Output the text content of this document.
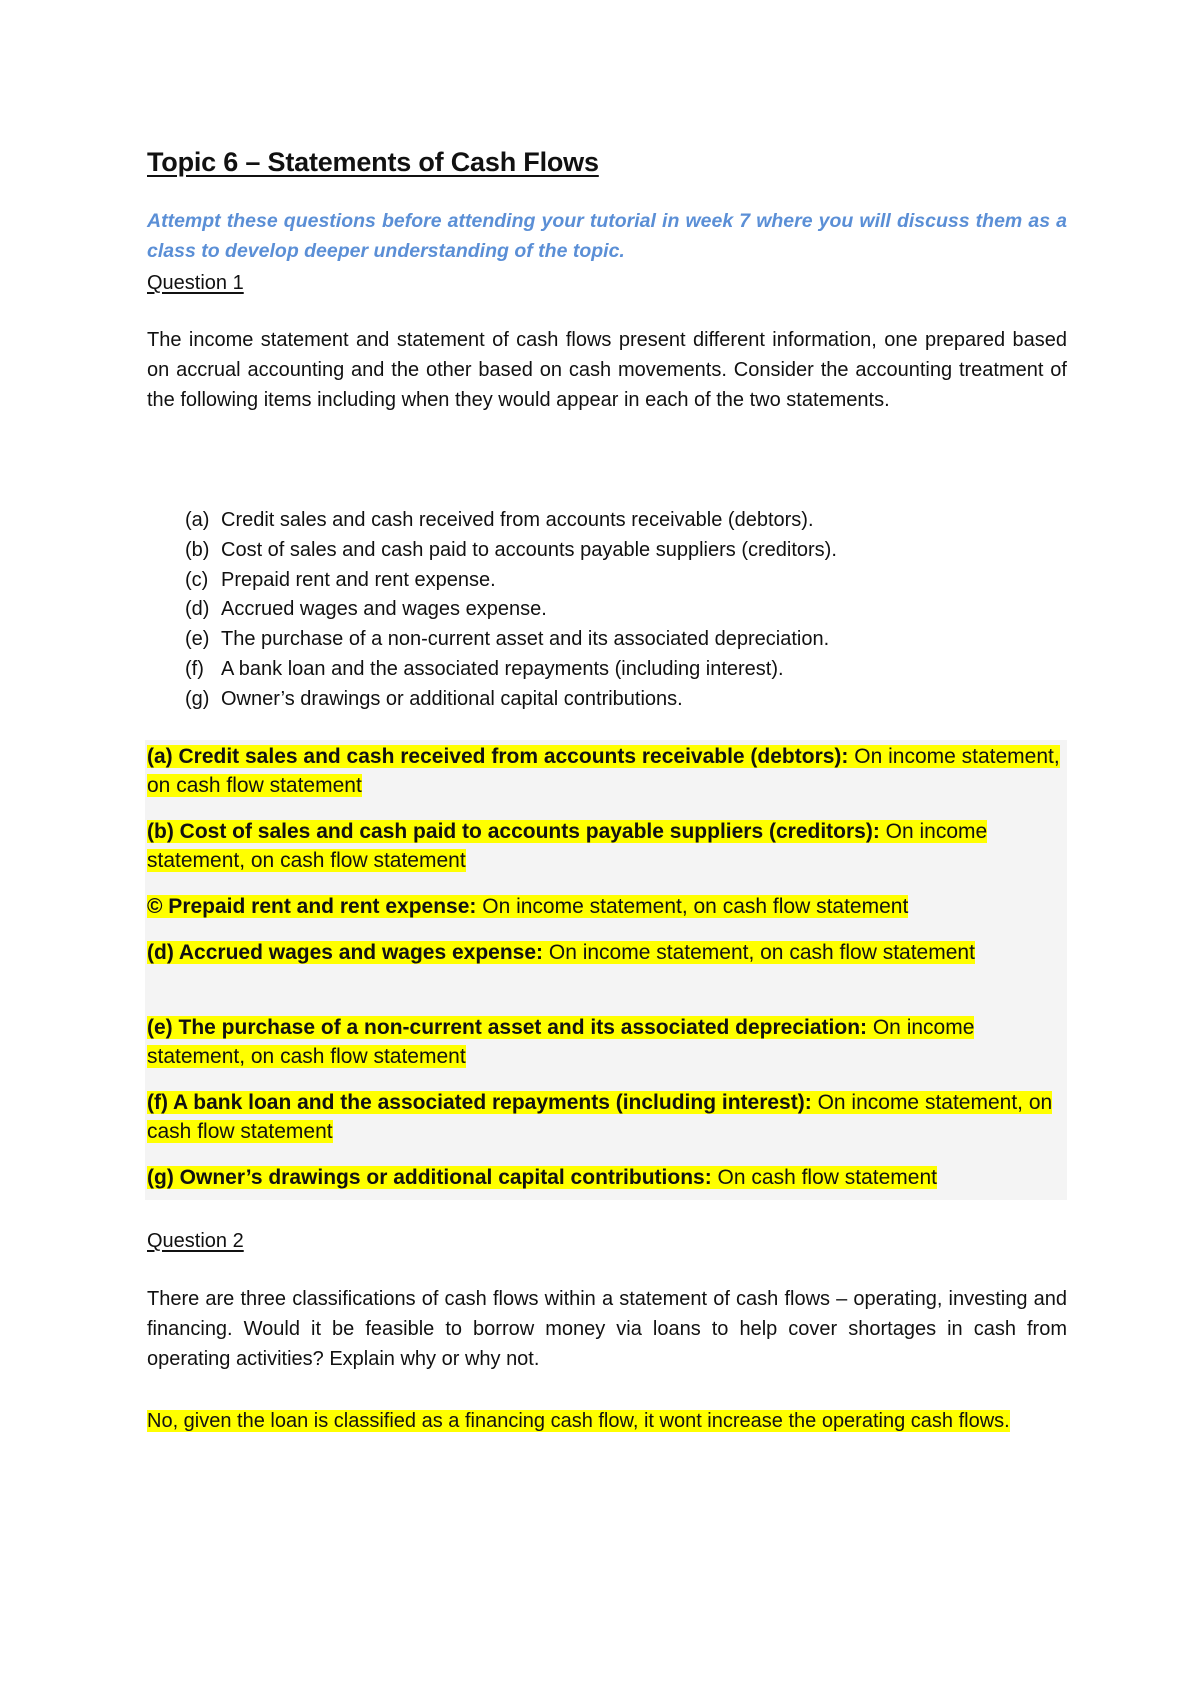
Topic 6 – Statements of Cash Flows
Attempt these questions before attending your tutorial in week 7 where you will discuss them as a class to develop deeper understanding of the topic.
Question 1
The income statement and statement of cash flows present different information, one prepared based on accrual accounting and the other based on cash movements. Consider the accounting treatment of the following items including when they would appear in each of the two statements.
(a) Credit sales and cash received from accounts receivable (debtors).
(b) Cost of sales and cash paid to accounts payable suppliers (creditors).
(c) Prepaid rent and rent expense.
(d) Accrued wages and wages expense.
(e) The purchase of a non-current asset and its associated depreciation.
(f) A bank loan and the associated repayments (including interest).
(g) Owner’s drawings or additional capital contributions.
(a) Credit sales and cash received from accounts receivable (debtors): On income statement, on cash flow statement
(b) Cost of sales and cash paid to accounts payable suppliers (creditors): On income statement, on cash flow statement
© Prepaid rent and rent expense: On income statement, on cash flow statement
(d) Accrued wages and wages expense: On income statement, on cash flow statement
(e) The purchase of a non-current asset and its associated depreciation: On income statement, on cash flow statement
(f) A bank loan and the associated repayments (including interest): On income statement, on cash flow statement
(g) Owner’s drawings or additional capital contributions: On cash flow statement
Question 2
There are three classifications of cash flows within a statement of cash flows – operating, investing and financing. Would it be feasible to borrow money via loans to help cover shortages in cash from operating activities? Explain why or why not.
No, given the loan is classified as a financing cash flow, it wont increase the operating cash flows.
